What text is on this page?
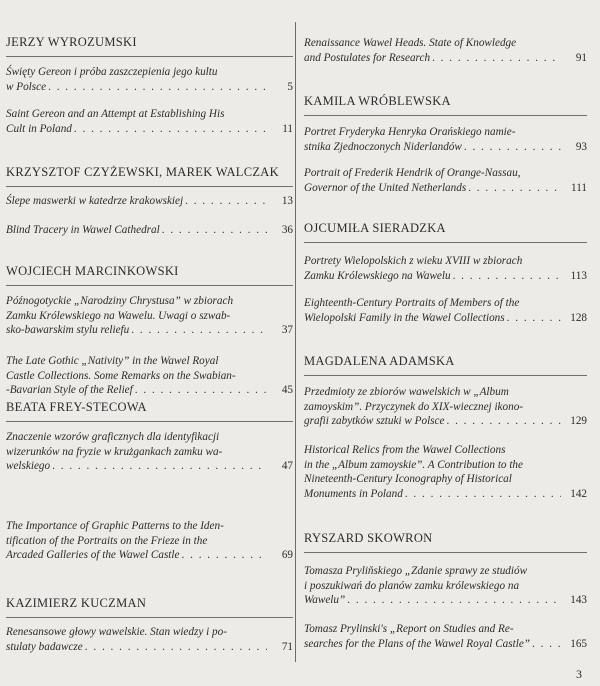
JERZY WYROZUMSKI
Święty Gereon i próba zaszczepienia jego kultu
w Polsce . . .	5
Saint Gereon and an Attempt at Establishing His
Cult in Poland . . .	11
KRZYSZTOF CZYŻEWSKI, MAREK WALCZAK
Ślepe maswerki w katedrze krakowskiej . . .	13
Blind Tracery in Wawel Cathedral . . .	36
WOJCIECH MARCINKOWSKI
Późnogotyckie „Narodziny Chrystusa” w zbiorach
Zamku Królewskiego na Wawelu. Uwagi o szwab-
sko-bawarskim stylu reliefu . . .	37
The Late Gothic „Nativity” in the Wawel Royal
Castle Collections. Some Remarks on the Swabian-
-Bavarian Style of the Relief . . .	45
BEATA FREY-STECOWA
Znaczenie wzorów graficznych dla identyfikacji
wizerunków na fryzie w krużgankach zamku wa-
welskiego . . .	47
The Importance of Graphic Patterns to the Iden-
tification of the Portraits on the Frieze in the
Arcaded Galleries of the Wawel Castle . . .	69
KAZIMIERZ KUCZMAN
Renesansowe głowy wawelskie. Stan wiedzy i po-
stulaty badawcze . . .	71
Renaissance Wawel Heads. State of Knowledge
and Postulates for Research . . .	91
KAMILA WRÓBLEWSKA
Portret Fryderyka Henryka Orańskiego namie-
stnika Zjednoczonych Niderlandów . . .	93
Portrait of Frederik Hendrik of Orange-Nassau,
Governor of the United Netherlands . . .	111
OJCUMIŁA SIERADZKA
Portrety Wielopolskich z wieku XVIII w zbiorach
Zamku Królewskiego na Wawelu . . .	113
Eighteenth-Century Portraits of Members of the
Wielopolski Family in the Wawel Collections . . .	128
MAGDALENA ADAMSKA
Przedmioty ze zbiorów wawelskich w „Album
zamoyskim”. Przyczynek do XIX-wiecznej ikono-
grafii zabytków sztuki w Polsce . . .	129
Historical Relics from the Wawel Collections
in the „Album zamoyskie”. A Contribution to the
Nineteenth-Century Iconography of Historical
Monuments in Poland . . .	142
RYSZARD SKOWRON
Tomasza Pryliňskiego „Zdanie sprawy ze studiów
i poszukiwań do planów zamku królewskiego na
Wawelu” . . .	143
Tomasz Prylinski's „Report on Studies and Re-
searches for the Plans of the Wawel Royal Castle” . . .	165
3
